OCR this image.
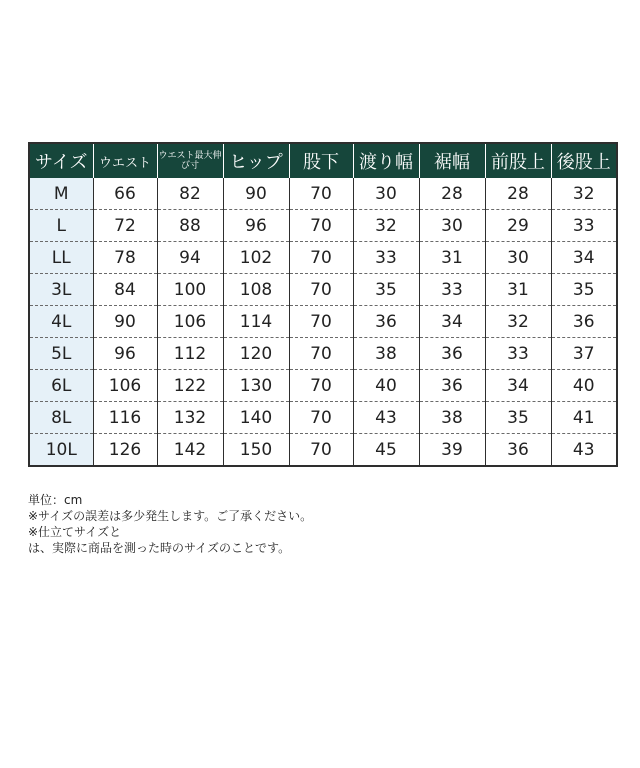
サイズ	ウエスト	ウエスト最大伸び寸	ヒップ	股下	渡り幅	裾幅	前股上	後股上
M	66	82	90	70	30	28	28	32
L	72	88	96	70	32	30	29	33
LL	78	94	102	70	33	31	30	34
3L	84	100	108	70	35	33	31	35
4L	90	106	114	70	36	34	32	36
5L	96	112	120	70	38	36	33	37
6L	106	122	130	70	40	36	34	40
8L	116	132	140	70	43	38	35	41
10L	126	142	150	70	45	39	36	43
単位：cm
※サイズの誤差は多少発生します。ご了承ください。
※仕立てサイズと
は、実際に商品を測った時のサイズのことです。
